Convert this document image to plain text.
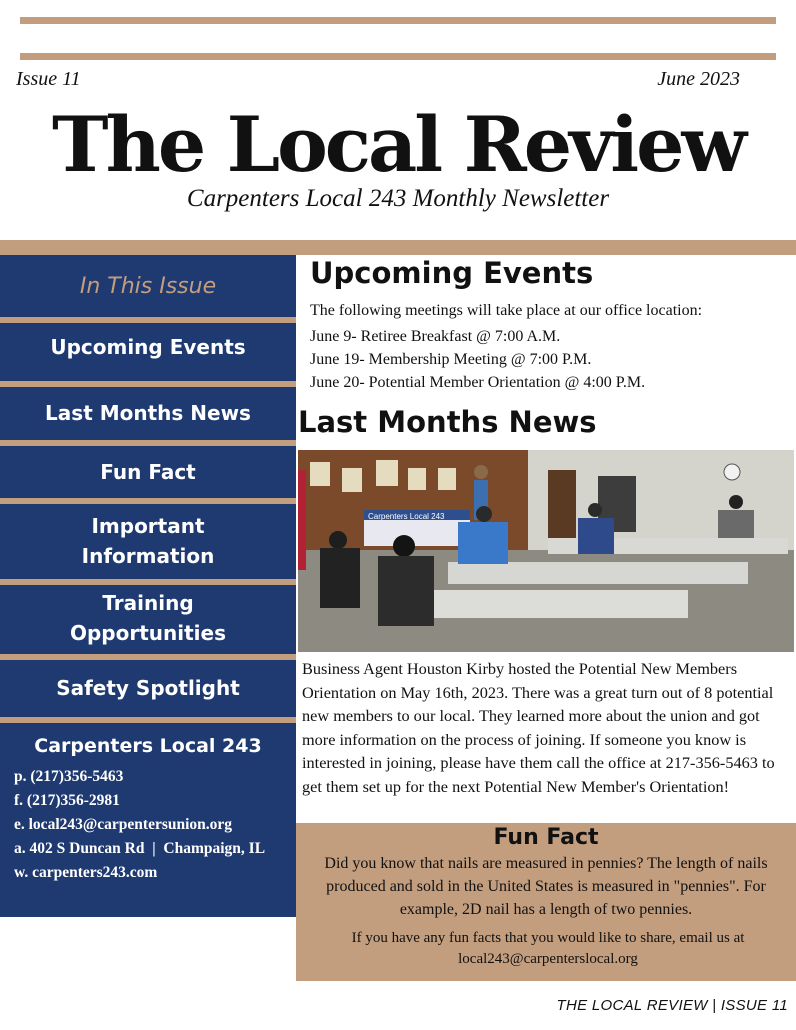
Issue 11	June 2023
The Local Review
Carpenters Local 243 Monthly Newsletter
In This Issue
Upcoming Events
Last Months News
Fun Fact
Important
Information
Training
Opportunities
Safety Spotlight
Carpenters Local 243
p. (217)356-5463
f. (217)356-2981
e. local243@carpentersunion.org
a. 402 S Duncan Rd  |  Champaign, IL
w. carpenters243.com
Upcoming Events
The following meetings will take place at our office location:
June 9- Retiree Breakfast @ 7:00 A.M.
June 19- Membership Meeting @ 7:00 P.M.
June 20- Potential Member Orientation @ 4:00 P.M.
Last Months News
Carpenters Local 243
Business Agent Houston Kirby hosted the Potential New Members Orientation on May 16th, 2023. There was a great turn out of 8 potential new members to our local. They learned more about the union and got more information on the process of joining. If someone you know is interested in joining, please have them call the office at 217-356-5463 to get them set up for the next Potential New Member's Orientation!
Fun Fact
Did you know that nails are measured in pennies? The length of nails produced and sold in the United States is measured in "pennies". For example, 2D nail has a length of two pennies.
If you have any fun facts that you would like to share, email us at local243@carpenterslocal.org
THE LOCAL REVIEW | ISSUE 11
